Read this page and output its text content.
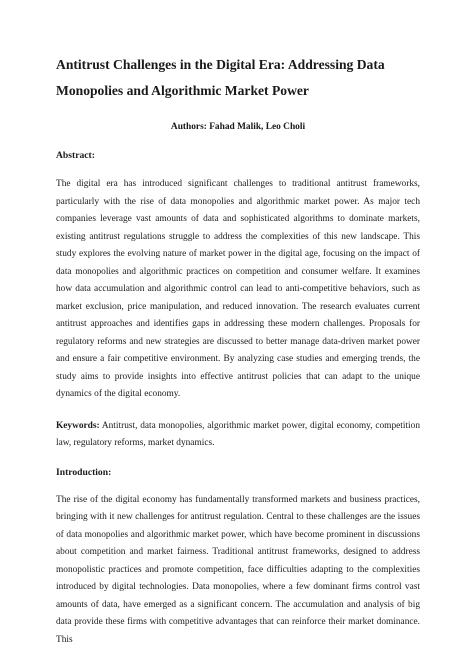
Antitrust Challenges in the Digital Era: Addressing Data Monopolies and Algorithmic Market Power
Authors: Fahad Malik, Leo Choli
Abstract:

The digital era has introduced significant challenges to traditional antitrust frameworks, particularly with the rise of data monopolies and algorithmic market power. As major tech companies leverage vast amounts of data and sophisticated algorithms to dominate markets, existing antitrust regulations struggle to address the complexities of this new landscape. This study explores the evolving nature of market power in the digital age, focusing on the impact of data monopolies and algorithmic practices on competition and consumer welfare. It examines how data accumulation and algorithmic control can lead to anti-competitive behaviors, such as market exclusion, price manipulation, and reduced innovation. The research evaluates current antitrust approaches and identifies gaps in addressing these modern challenges. Proposals for regulatory reforms and new strategies are discussed to better manage data-driven market power and ensure a fair competitive environment. By analyzing case studies and emerging trends, the study aims to provide insights into effective antitrust policies that can adapt to the unique dynamics of the digital economy.

Keywords: Antitrust, data monopolies, algorithmic market power, digital economy, competition law, regulatory reforms, market dynamics.

Introduction:

The rise of the digital economy has fundamentally transformed markets and business practices, bringing with it new challenges for antitrust regulation. Central to these challenges are the issues of data monopolies and algorithmic market power, which have become prominent in discussions about competition and market fairness. Traditional antitrust frameworks, designed to address monopolistic practices and promote competition, face difficulties adapting to the complexities introduced by digital technologies. Data monopolies, where a few dominant firms control vast amounts of data, have emerged as a significant concern. The accumulation and analysis of big data provide these firms with competitive advantages that can reinforce their market dominance. This
